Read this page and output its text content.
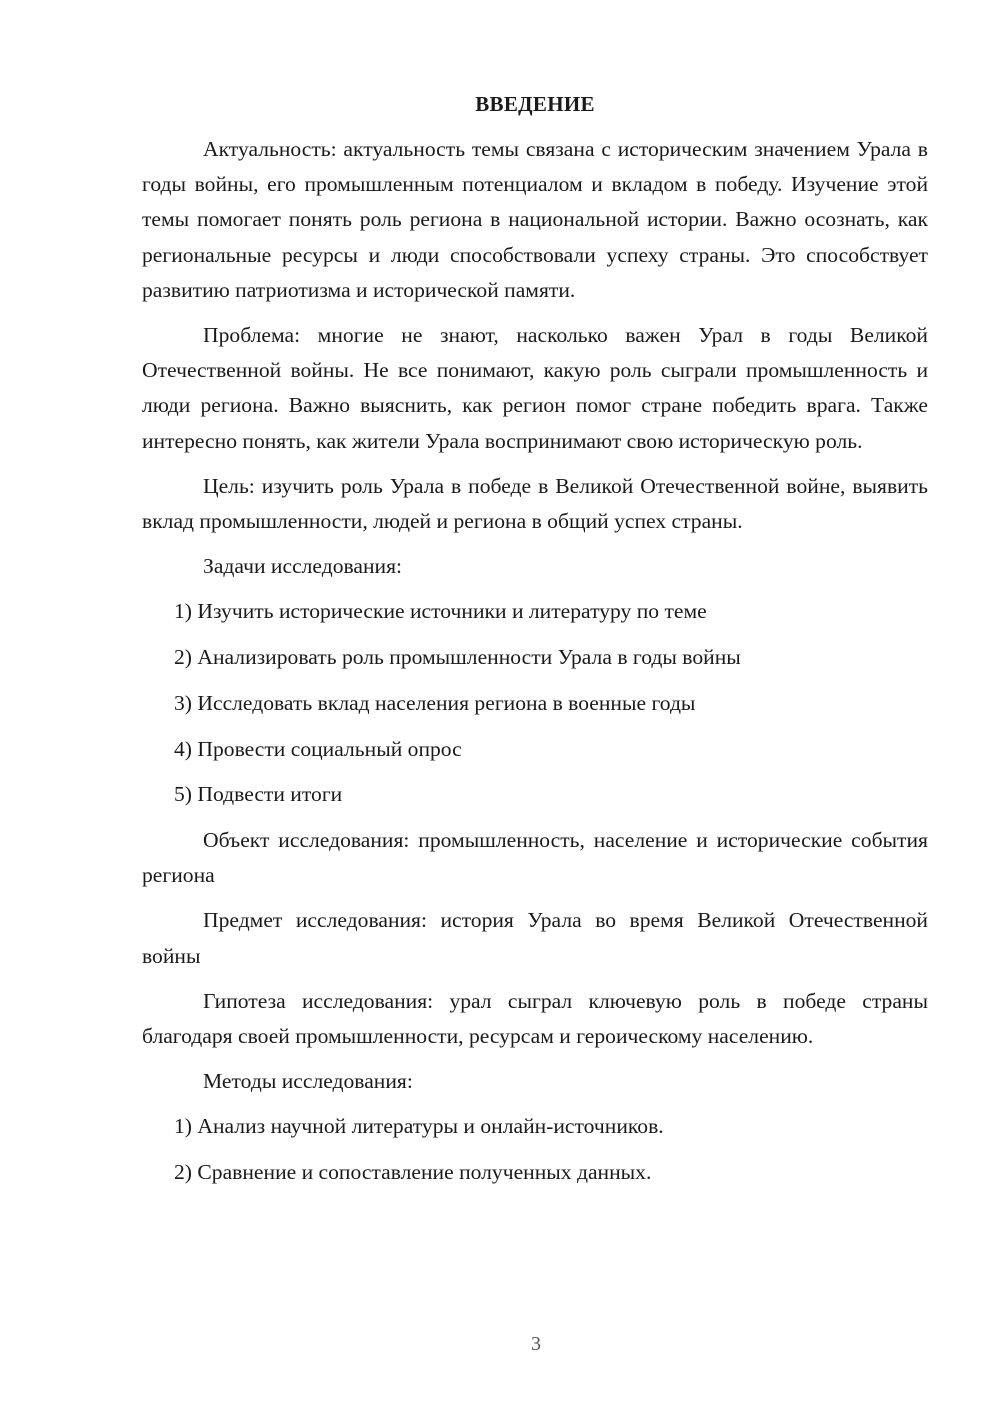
ВВЕДЕНИЕ

Актуальность: актуальность темы связана с историческим значением Урала в годы войны, его промышленным потенциалом и вкладом в победу. Изучение этой темы помогает понять роль региона в национальной истории. Важно осознать, как региональные ресурсы и люди способствовали успеху страны. Это способствует развитию патриотизма и исторической памяти.

Проблема: многие не знают, насколько важен Урал в годы Великой Отечественной войны. Не все понимают, какую роль сыграли промышленность и люди региона. Важно выяснить, как регион помог стране победить врага. Также интересно понять, как жители Урала воспринимают свою историческую роль.

Цель: изучить роль Урала в победе в Великой Отечественной войне, выявить вклад промышленности, людей и региона в общий успех страны.

Задачи исследования:

1) Изучить исторические источники и литературу по теме
2) Анализировать роль промышленности Урала в годы войны
3) Исследовать вклад населения региона в военные годы
4) Провести социальный опрос
5) Подвести итоги

Объект исследования: промышленность, население и исторические события региона

Предмет исследования: история Урала во время Великой Отечественной войны

Гипотеза исследования: урал сыграл ключевую роль в победе страны благодаря своей промышленности, ресурсам и героическому населению.

Методы исследования:

1) Анализ научной литературы и онлайн-источников.
2) Сравнение и сопоставление полученных данных.
3
